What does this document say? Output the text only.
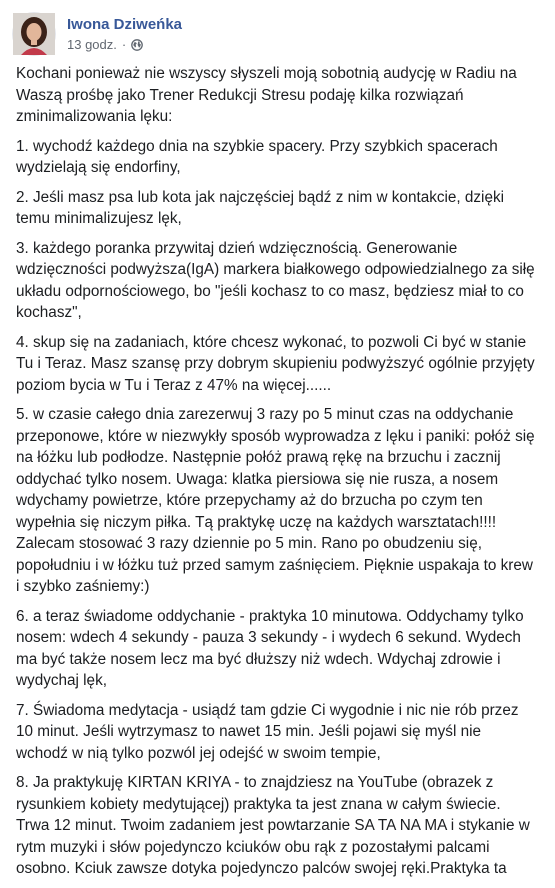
Iwona Dziweńka
13 godz. ·

Kochani ponieważ nie wszyscy słyszeli moją sobotnią audycję w Radiu na
Waszą prośbę jako Trener Redukcji Stresu podaję kilka rozwiązań
zminimalizowania lęku:

1. wychodź każdego dnia na szybkie spacery. Przy szybkich spacerach
wydzielają się endorfiny,

2. Jeśli masz psa lub kota jak najczęściej bądź z nim w kontakcie, dzięki
temu minimalizujesz lęk,

3. każdego poranka przywitaj dzień wdzięcznością. Generowanie
wdzięczności podwyższa(IgA) markera białkowego odpowiedzialnego za siłę
układu odpornościowego, bo "jeśli kochasz to co masz, będziesz miał to co
kochasz",

4. skup się na zadaniach, które chcesz wykonać, to pozwoli Ci być w stanie
Tu i Teraz. Masz szansę przy dobrym skupieniu podwyższyć ogólnie przyjęty
poziom bycia w Tu i Teraz z 47% na więcej......

5. w czasie całego dnia zarezerwuj 3 razy po 5 minut czas na oddychanie
przeponowe, które w niezwykły sposób wyprowadza z lęku i paniki: połóż się
na łóżku lub podłodze. Następnie połóż prawą rękę na brzuchu i zacznij
oddychać tylko nosem. Uwaga: klatka piersiowa się nie rusza, a nosem
wdychamy powietrze, które przepychamy aż do brzucha po czym ten
wypełnia się niczym piłka. Tą praktykę uczę na każdych warsztatach!!!!
Zalecam stosować 3 razy dziennie po 5 min. Rano po obudzeniu się,
popołudniu i w łóżku tuż przed samym zaśnięciem. Pięknie uspakaja to krew
i szybko zaśniemy:)

6. a teraz świadome oddychanie - praktyka 10 minutowa. Oddychamy tylko
nosem: wdech 4 sekundy - pauza 3 sekundy - i wydech 6 sekund. Wydech
ma być także nosem lecz ma być dłuższy niż wdech. Wdychaj zdrowie i
wydychaj lęk,

7. Świadoma medytacja - usiądź tam gdzie Ci wygodnie i nic nie rób przez
10 minut. Jeśli wytrzymasz to nawet 15 min. Jeśli pojawi się myśl nie
wchodź w nią tylko pozwól jej odejść w swoim tempie,

8. Ja praktykuję KIRTAN KRIYA - to znajdziesz na YouTube (obrazek z
rysunkiem kobiety medytującej) praktyka ta jest znana w całym świecie.
Trwa 12 minut. Twoim zadaniem jest powtarzanie SA TA NA MA i stykanie w
rytm muzyki i słów pojedynczo kciuków obu rąk z pozostałymi palcami
osobno. Kciuk zawsze dotyka pojedynczo palców swojej ręki.Praktyka ta
